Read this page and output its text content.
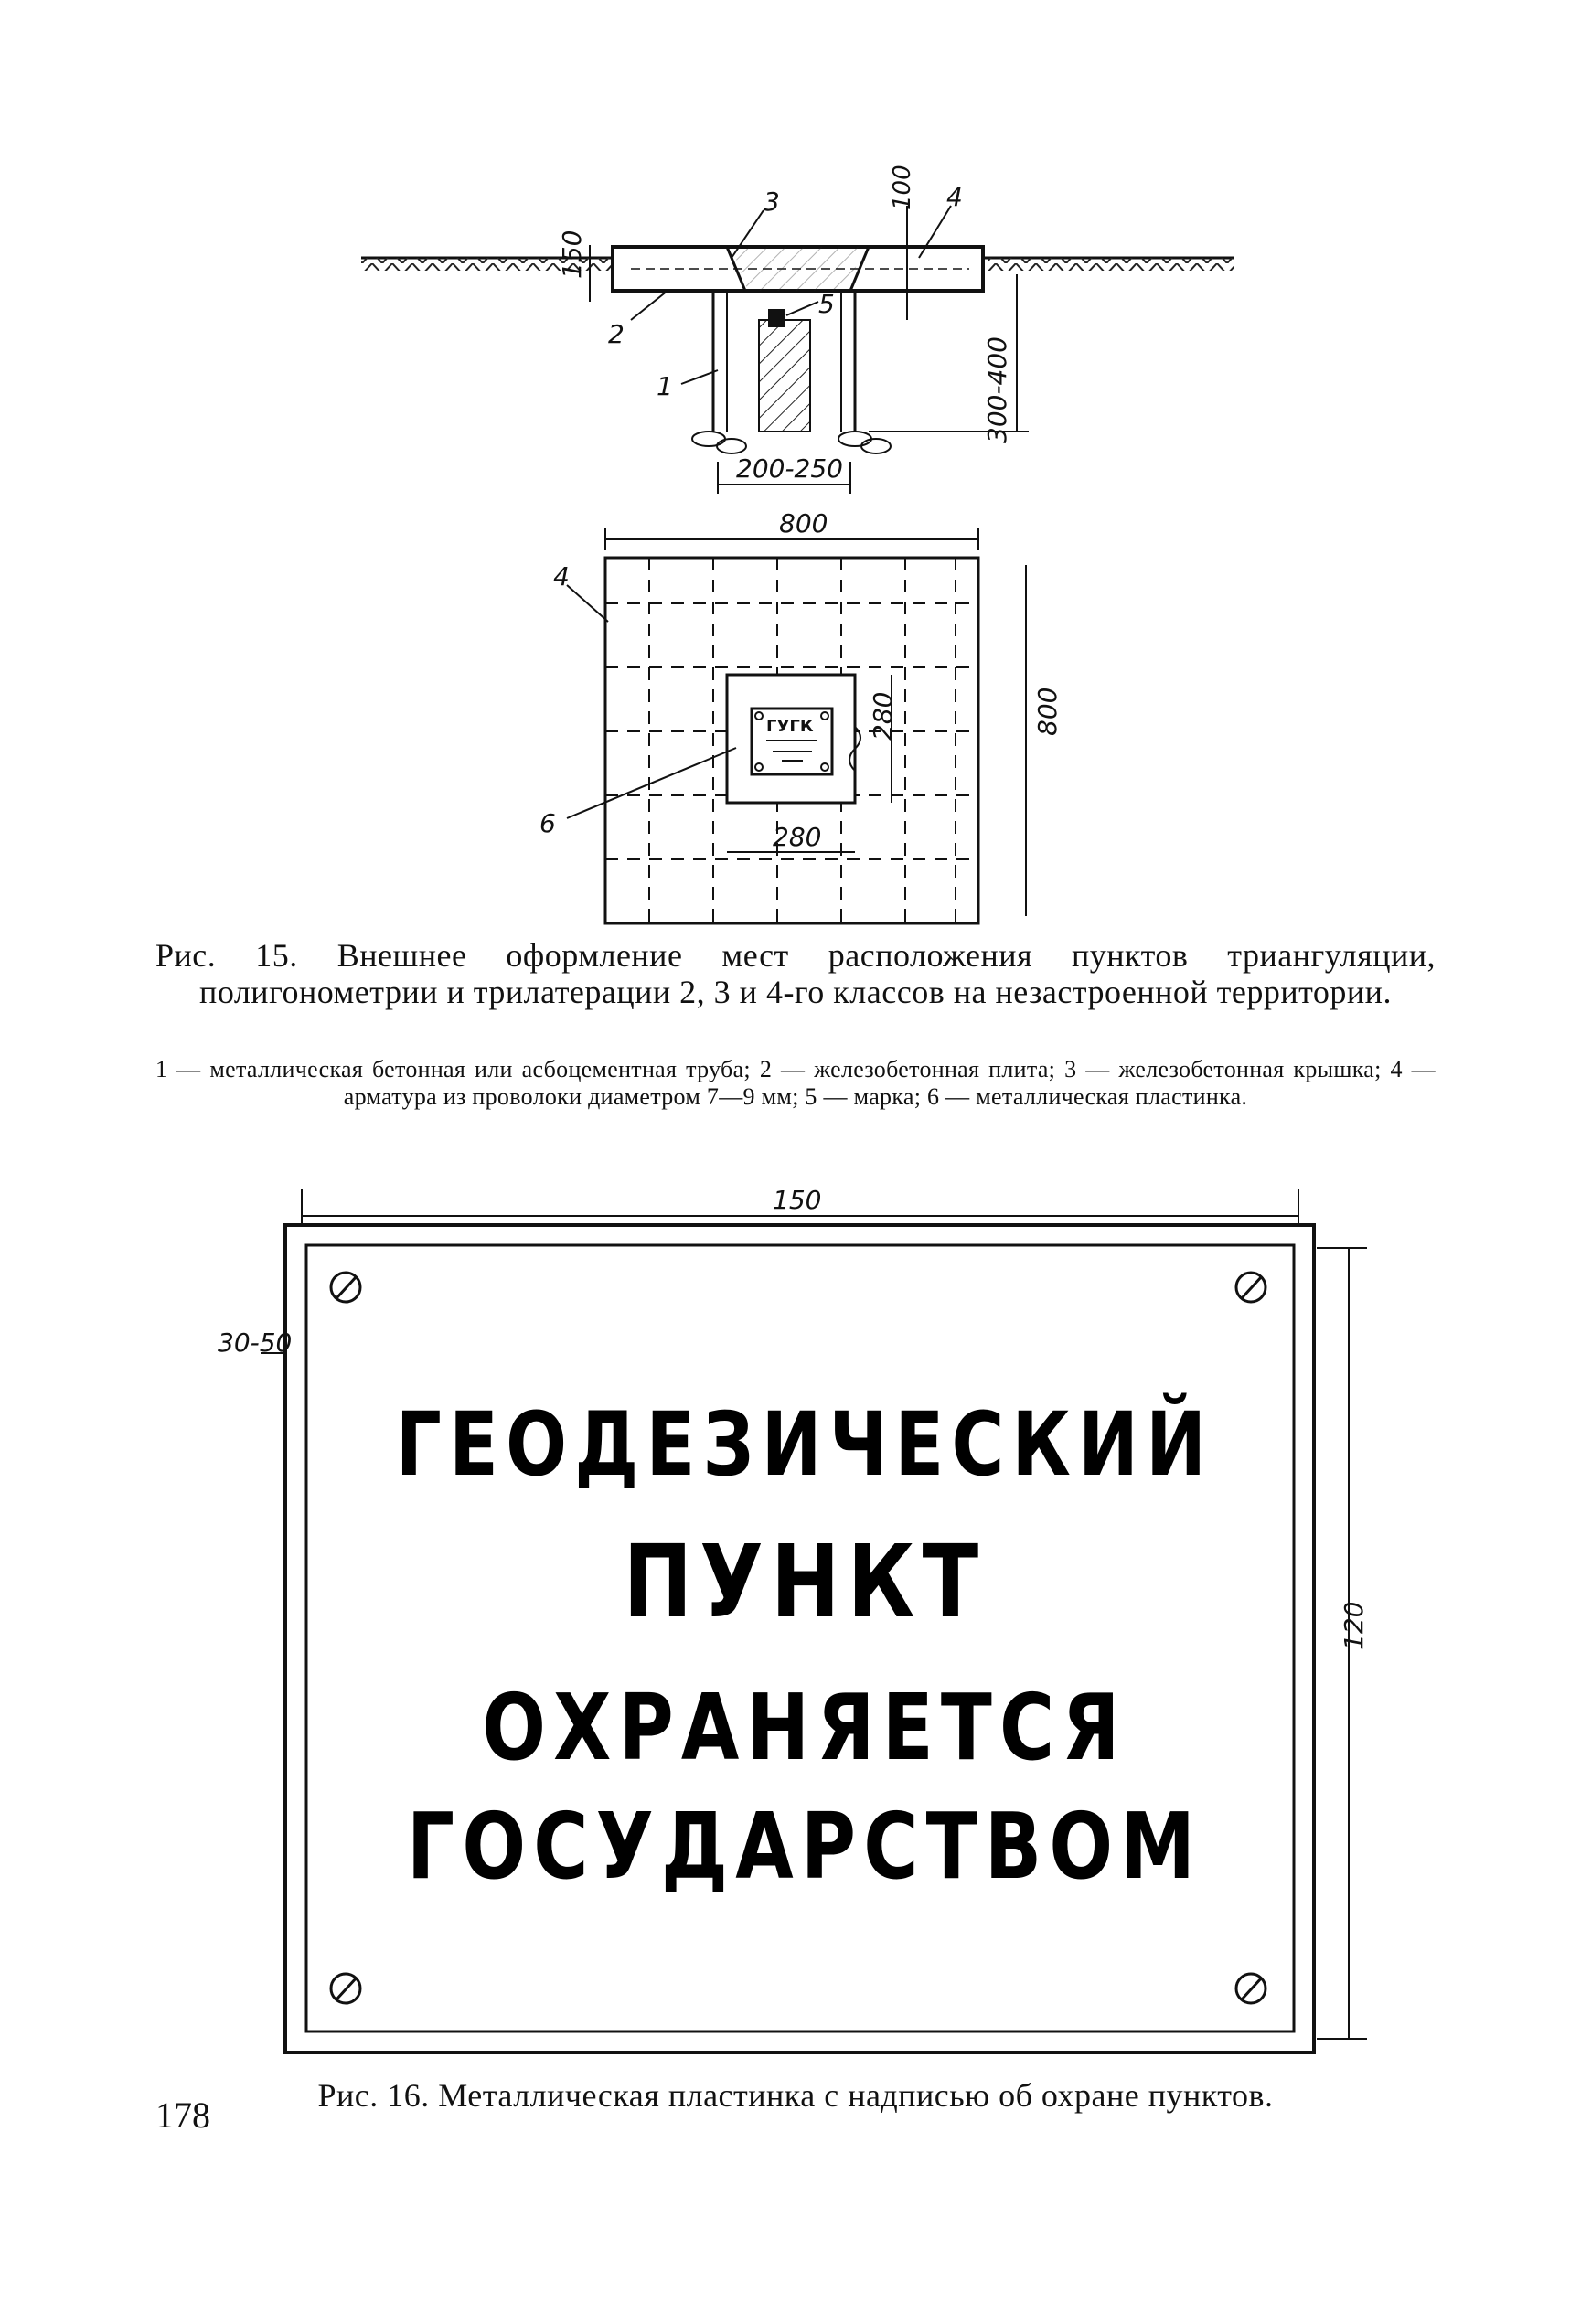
150
100
300-400
200-250
3	4
2
1
5
800
800
280
280
ГУГК
4
6
Рис. 15. Внешнее оформление мест расположения пунктов триангуляции, полигонометрии и трилатерации 2, 3 и 4-го классов на незастроенной территории.
1 — металлическая бетонная или асбоцементная труба; 2 — железобетонная плита; 3 — железобетонная крышка; 4 — арматура из проволоки диаметром 7—9 мм; 5 — марка; 6 — металлическая пластинка.
150
120
30-50
ГЕОДЕЗИЧЕСКИЙ
ПУНКТ
ОХРАНЯЕТСЯ
ГОСУДАРСТВОМ
Рис. 16. Металлическая пластинка с надписью об охране пунктов.
178
